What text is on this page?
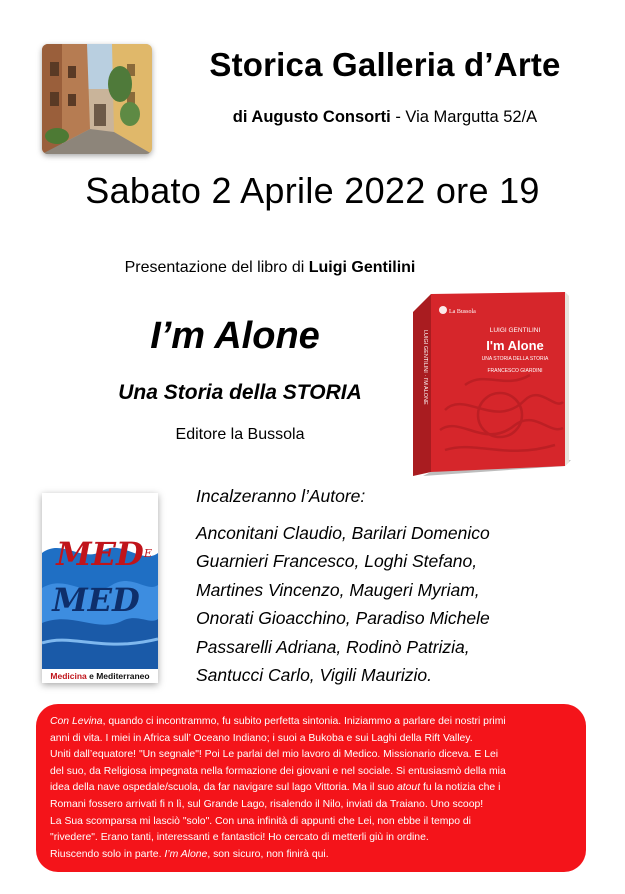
Storica Galleria d’Arte
di Augusto Consorti - Via Margutta 52/A
Sabato 2 Aprile 2022 ore 19
Presentazione del libro di Luigi Gentilini
I’m Alone
Una Storia della STORIA
Editore la Bussola
La Bussola
LUIGI GENTILINI
I'm Alone
UNA STORIA DELLA STORIA
FRANCESCO GIARDINI
LUIGI GENTILINI · I'M ALONE
MED E
MED
Medicina e Mediterraneo
Incalzeranno l’Autore:
Anconitani Claudio, Barilari Domenico
Guarnieri Francesco, Loghi Stefano,
Martines Vincenzo, Maugeri Myriam,
Onorati Gioacchino, Paradiso Michele
Passarelli Adriana, Rodinò Patrizia,
Santucci Carlo, Vigili Maurizio.
Con Levina, quando ci incontrammo, fu subito perfetta sintonia. Iniziammo a parlare dei nostri primi
anni di vita. I miei in Africa sull’ Oceano Indiano; i suoi a Bukoba e sui Laghi della Rift Valley.
Uniti dall’equatore! "Un segnale"! Poi Le parlai del mio lavoro di Medico. Missionario diceva. E Lei
del suo, da Religiosa impegnata nella formazione dei giovani e nel sociale. Si entusiasmò della mia
idea della nave ospedale/scuola, da far navigare sul lago Vittoria. Ma il suo atout fu la notizia che i
Romani fossero arrivati fi n lì, sul Grande Lago, risalendo il Nilo, inviati da Traiano. Uno scoop!
La Sua scomparsa mi lasciò "solo". Con una infinità di appunti che Lei, non ebbe il tempo di
"rivedere". Erano tanti, interessanti e fantastici! Ho cercato di metterli giù in ordine.
Riuscendo solo in parte. I’m Alone, son sicuro, non finirà qui.
